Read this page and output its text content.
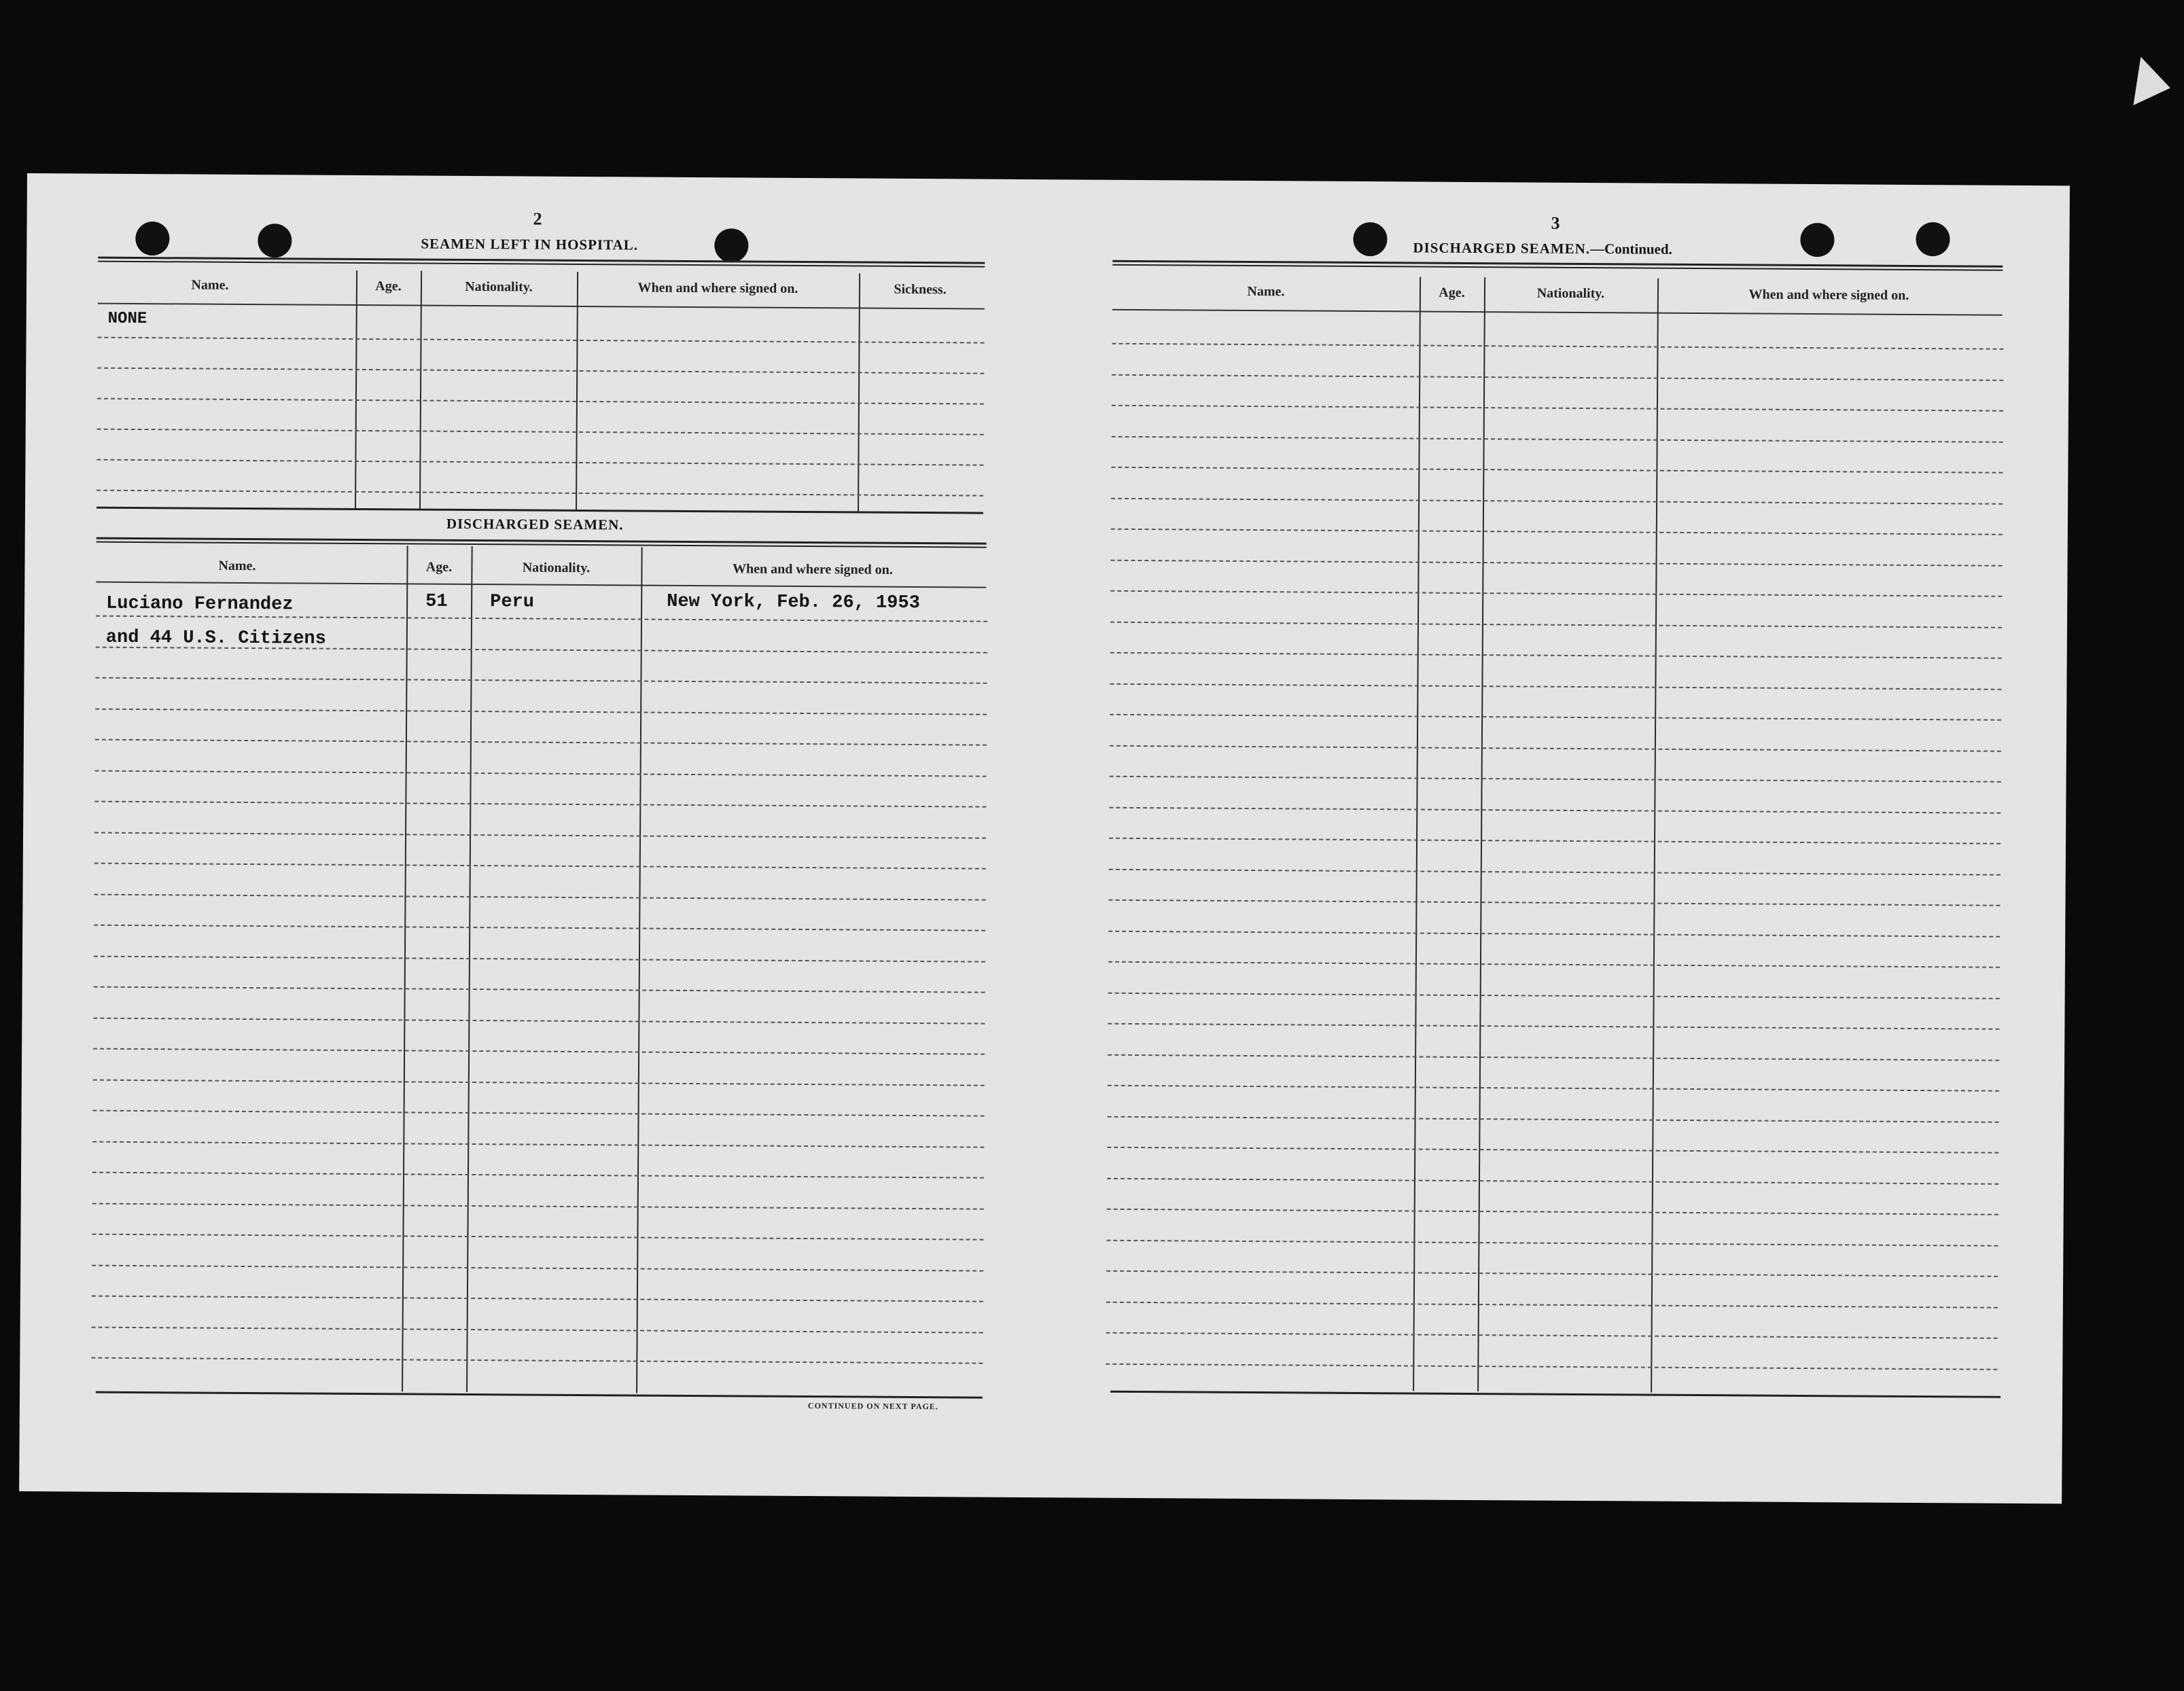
2
SEAMEN LEFT IN HOSPITAL.
Name.	Age.	Nationality.	When and where signed on.	Sickness.
NONE
DISCHARGED SEAMEN.
Name.	Age.	Nationality.	When and where signed on.
Luciano Fernandez	51 Peru	New York, Feb. 26, 1953
and 44 U.S. Citizens
CONTINUED ON NEXT PAGE.
3
DISCHARGED SEAMEN.—Continued.
Name.	Age.	Nationality.	When and where signed on.
